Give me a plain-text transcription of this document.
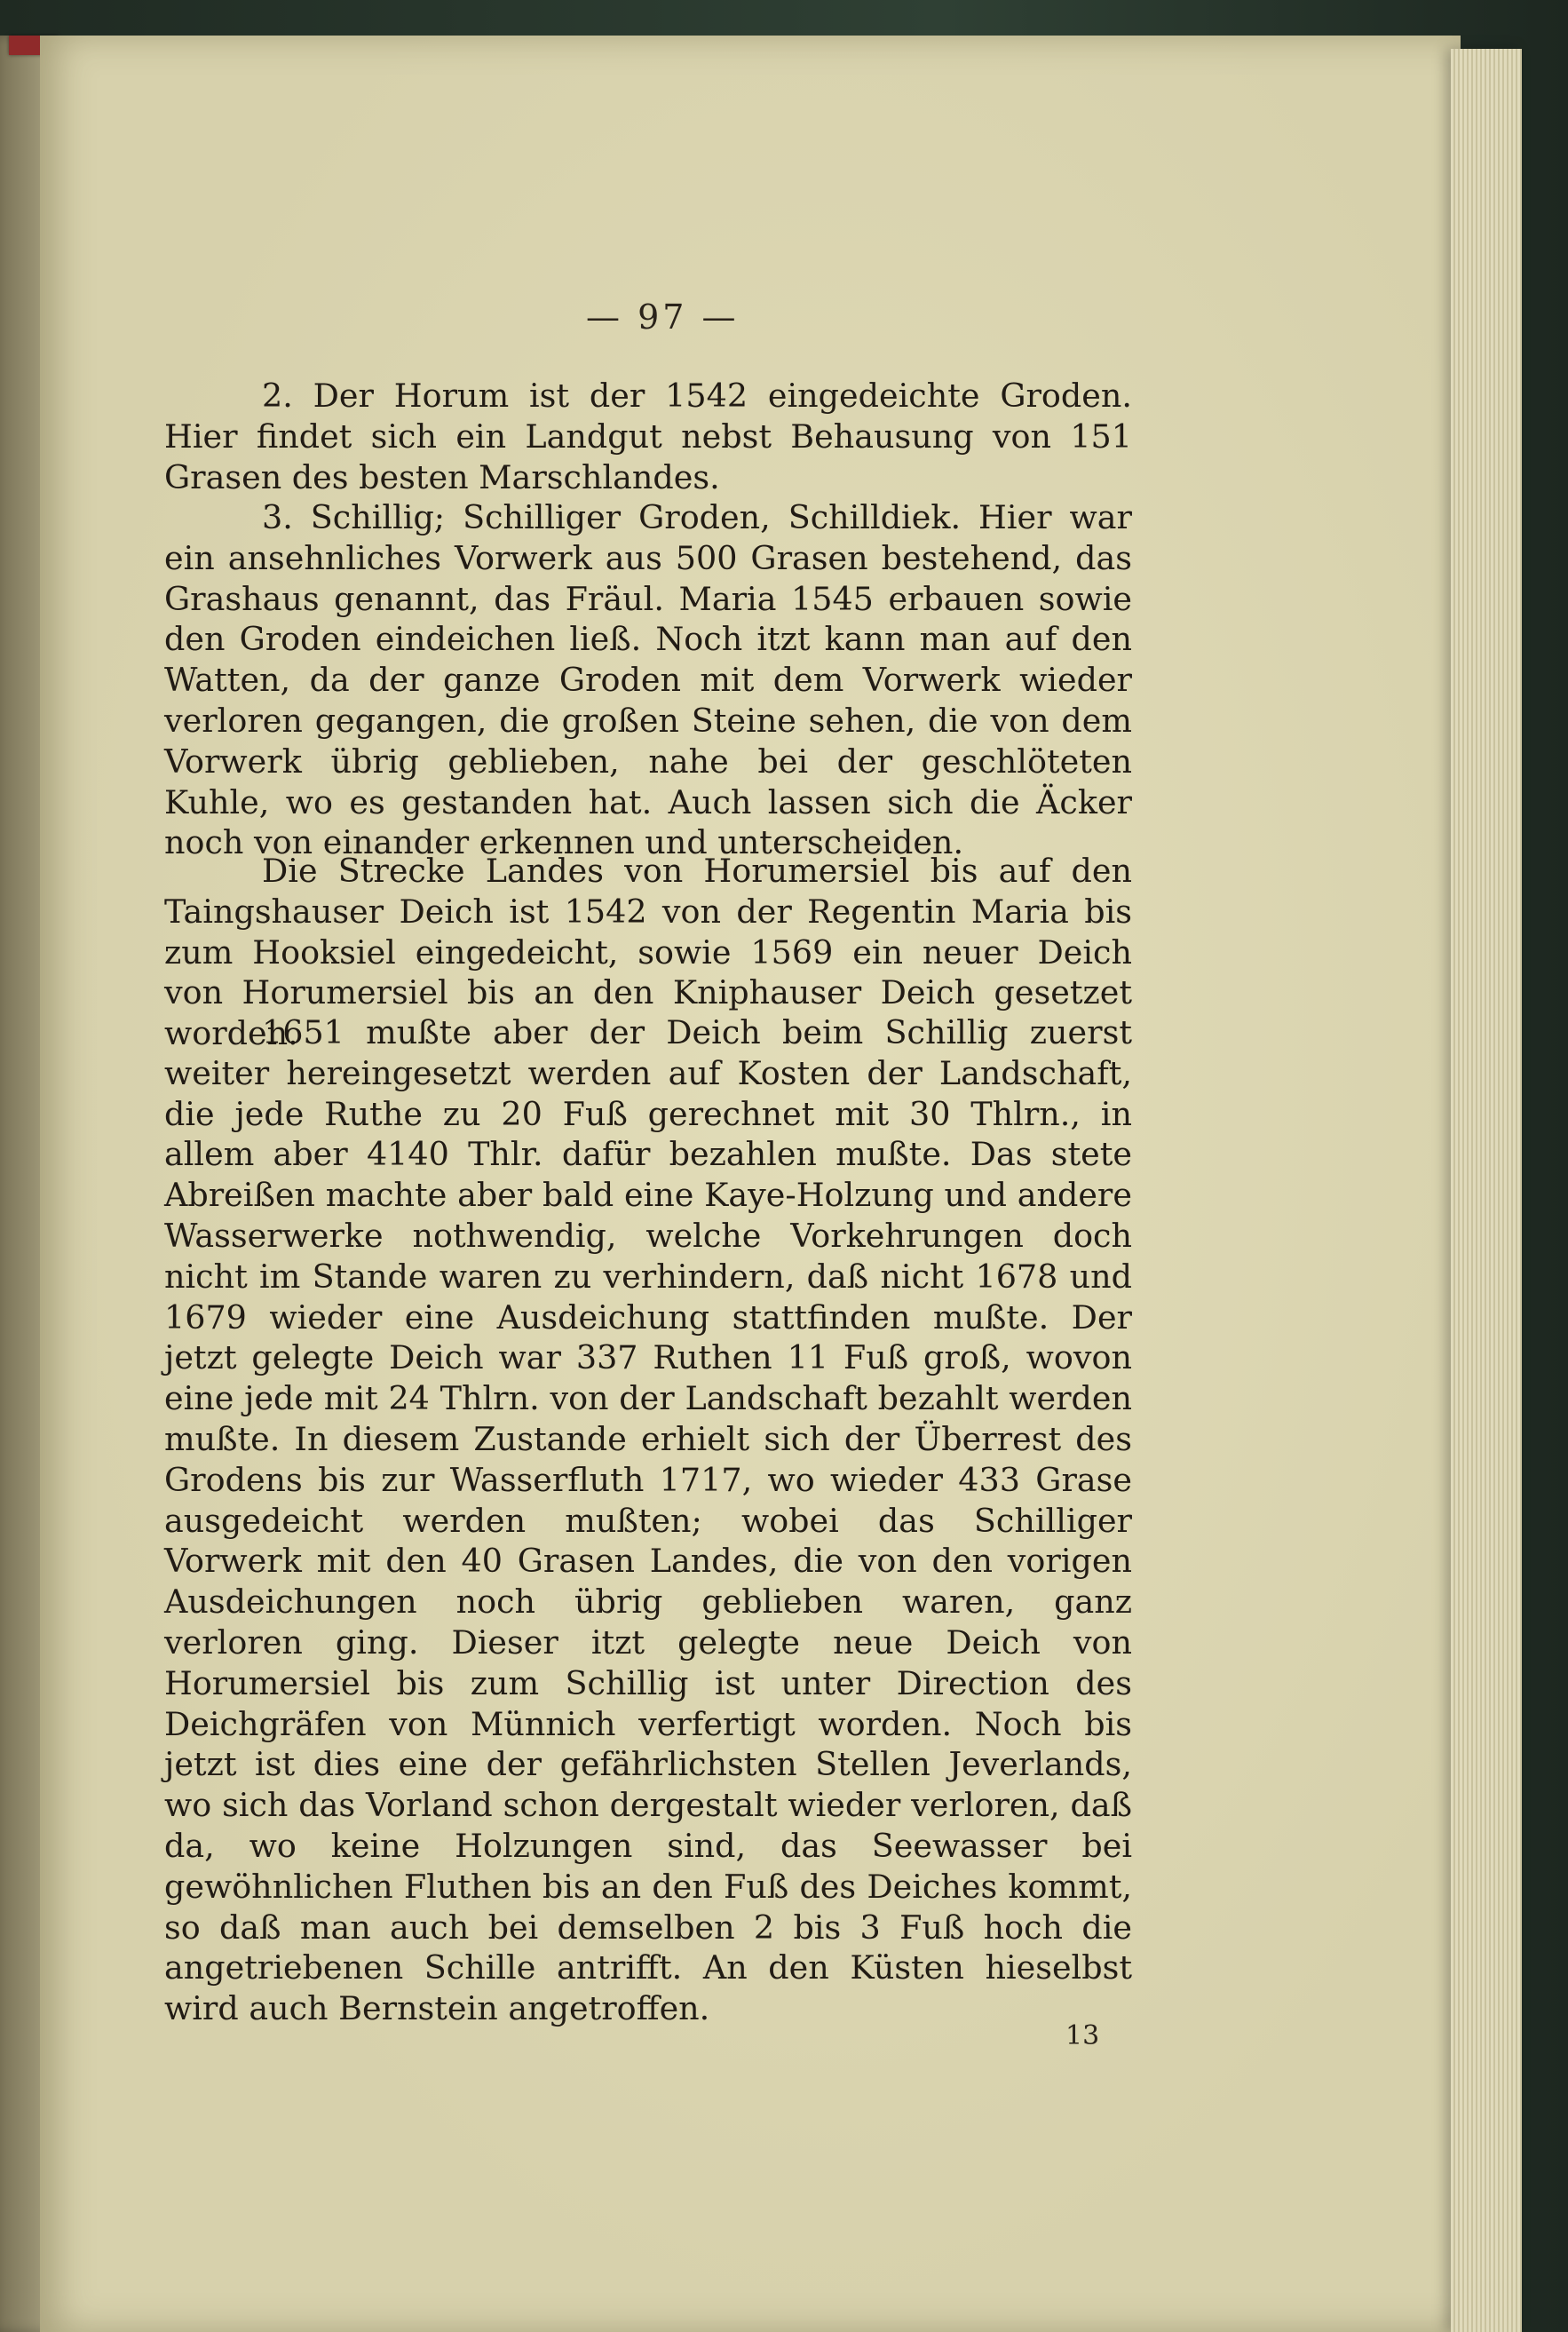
— 97 —

2. Der Horum ist der 1542 eingedeichte Groden. Hier findet sich ein Landgut nebst Behausung von 151 Grasen des besten Marschlandes.

3. Schillig; Schilliger Groden, Schilldiek. Hier war ein ansehnliches Vorwerk aus 500 Grasen bestehend, das Grashaus genannt, das Fräul. Maria 1545 erbauen sowie den Groden eindeichen ließ. Noch itzt kann man auf den Watten, da der ganze Groden mit dem Vorwerk wieder verloren gegangen, die großen Steine sehen, die von dem Vorwerk übrig geblieben, nahe bei der geschlöteten Kuhle, wo es gestanden hat. Auch lassen sich die Äcker noch von einander erkennen und unterscheiden.

Die Strecke Landes von Horumersiel bis auf den Taingshauser Deich ist 1542 von der Regentin Maria bis zum Hooksiel eingedeicht, sowie 1569 ein neuer Deich von Horumersiel bis an den Kniphauser Deich gesetzet worden.

1651 mußte aber der Deich beim Schillig zuerst weiter hereingesetzt werden auf Kosten der Landschaft, die jede Ruthe zu 20 Fuß gerechnet mit 30 Thlrn., in allem aber 4140 Thlr. dafür bezahlen mußte. Das stete Abreißen machte aber bald eine Kaye-Holzung und andere Wasserwerke nothwendig, welche Vorkehrungen doch nicht im Stande waren zu verhindern, daß nicht 1678 und 1679 wieder eine Ausdeichung stattfinden mußte. Der jetzt gelegte Deich war 337 Ruthen 11 Fuß groß, wovon eine jede mit 24 Thlrn. von der Landschaft bezahlt werden mußte. In diesem Zustande erhielt sich der Überrest des Grodens bis zur Wasserfluth 1717, wo wieder 433 Grase ausgedeicht werden mußten; wobei das Schilliger Vorwerk mit den 40 Grasen Landes, die von den vorigen Ausdeichungen noch übrig geblieben waren, ganz verloren ging. Dieser itzt gelegte neue Deich von Horumersiel bis zum Schillig ist unter Direction des Deichgräfen von Münnich verfertigt worden. Noch bis jetzt ist dies eine der gefährlichsten Stellen Jeverlands, wo sich das Vorland schon dergestalt wieder verloren, daß da, wo keine Holzungen sind, das Seewasser bei gewöhnlichen Fluthen bis an den Fuß des Deiches kommt, so daß man auch bei demselben 2 bis 3 Fuß hoch die angetriebenen Schille antrifft. An den Küsten hieselbst wird auch Bernstein angetroffen.

13
